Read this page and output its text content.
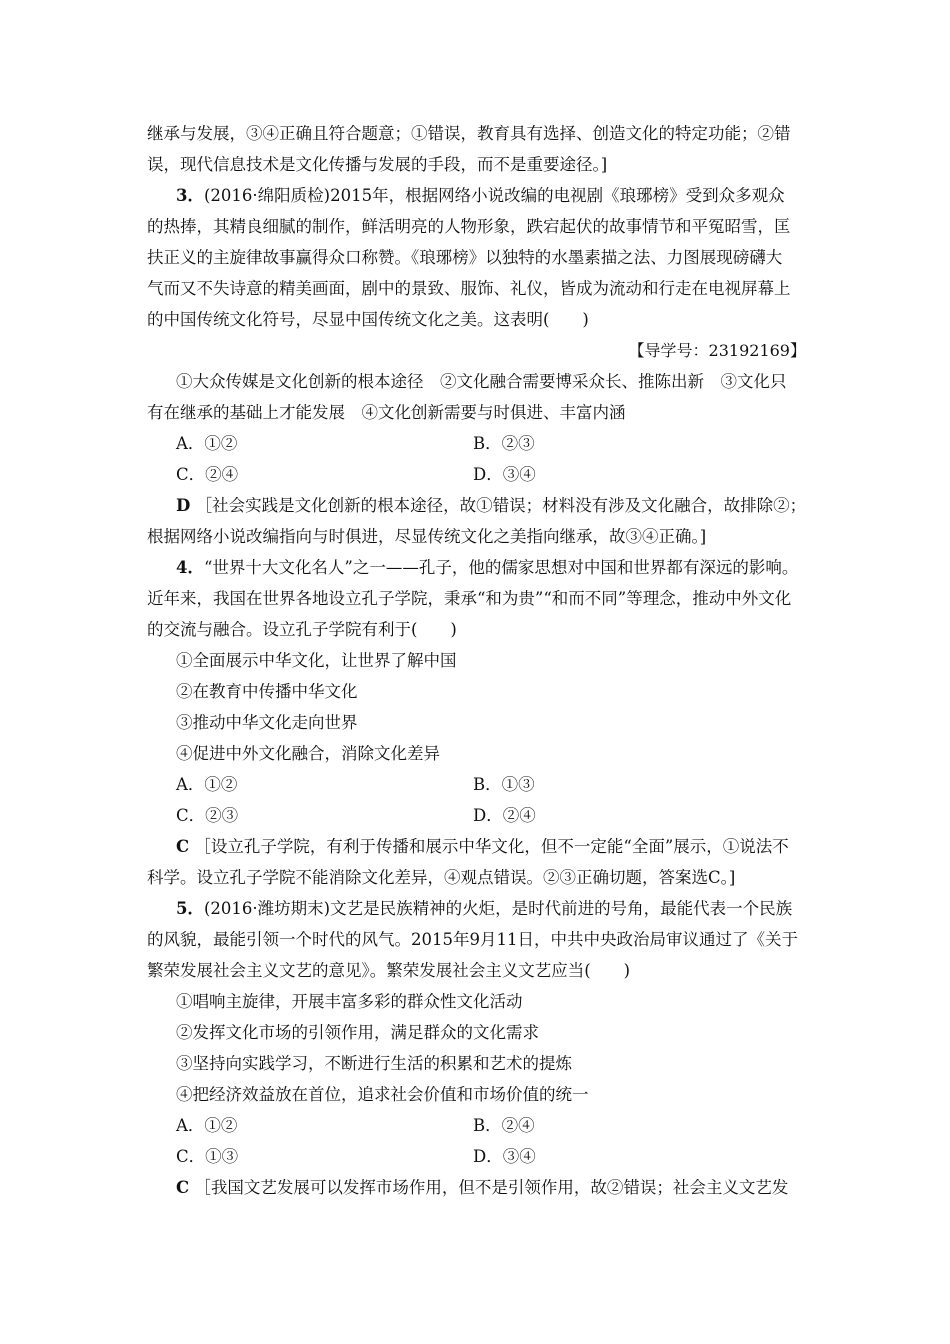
继承与发展，③④正确且符合题意；①错误，教育具有选择、创造文化的特定功能；②错
误，现代信息技术是文化传播与发展的手段，而不是重要途径。]
3．(2016·绵阳质检)2015年，根据网络小说改编的电视剧《琅琊榜》受到众多观众
的热捧，其精良细腻的制作，鲜活明亮的人物形象，跌宕起伏的故事情节和平冤昭雪，匡
扶正义的主旋律故事赢得众口称赞。《琅琊榜》以独特的水墨素描之法、力图展现磅礴大
气而又不失诗意的精美画面，剧中的景致、服饰、礼仪，皆成为流动和行走在电视屏幕上
的中国传统文化符号，尽显中国传统文化之美。这表明(　　)
【导学号：23192169】
①大众传媒是文化创新的根本途径　②文化融合需要博采众长、推陈出新　③文化只
有在继承的基础上才能发展　④文化创新需要与时俱进、丰富内涵
A．①②	B．②③
C．②④	D．③④
D ［社会实践是文化创新的根本途径，故①错误；材料没有涉及文化融合，故排除②；
根据网络小说改编指向与时俱进，尽显传统文化之美指向继承，故③④正确。]
4．“世界十大文化名人”之一——孔子，他的儒家思想对中国和世界都有深远的影响。
近年来，我国在世界各地设立孔子学院，秉承“和为贵”“和而不同”等理念，推动中外文化
的交流与融合。设立孔子学院有利于(　　)
①全面展示中华文化，让世界了解中国
②在教育中传播中华文化
③推动中华文化走向世界
④促进中外文化融合，消除文化差异
A．①②	B．①③
C．②③	D．②④
C ［设立孔子学院，有利于传播和展示中华文化，但不一定能“全面”展示，①说法不
科学。设立孔子学院不能消除文化差异，④观点错误。②③正确切题，答案选C。]
5．(2016·潍坊期末)文艺是民族精神的火炬，是时代前进的号角，最能代表一个民族
的风貌，最能引领一个时代的风气。2015年9月11日，中共中央政治局审议通过了《关于
繁荣发展社会主义文艺的意见》。繁荣发展社会主义文艺应当(　　)
①唱响主旋律，开展丰富多彩的群众性文化活动
②发挥文化市场的引领作用，满足群众的文化需求
③坚持向实践学习，不断进行生活的积累和艺术的提炼
④把经济效益放在首位，追求社会价值和市场价值的统一
A．①②	B．②④
C．①③	D．③④
C ［我国文艺发展可以发挥市场作用，但不是引领作用，故②错误；社会主义文艺发
